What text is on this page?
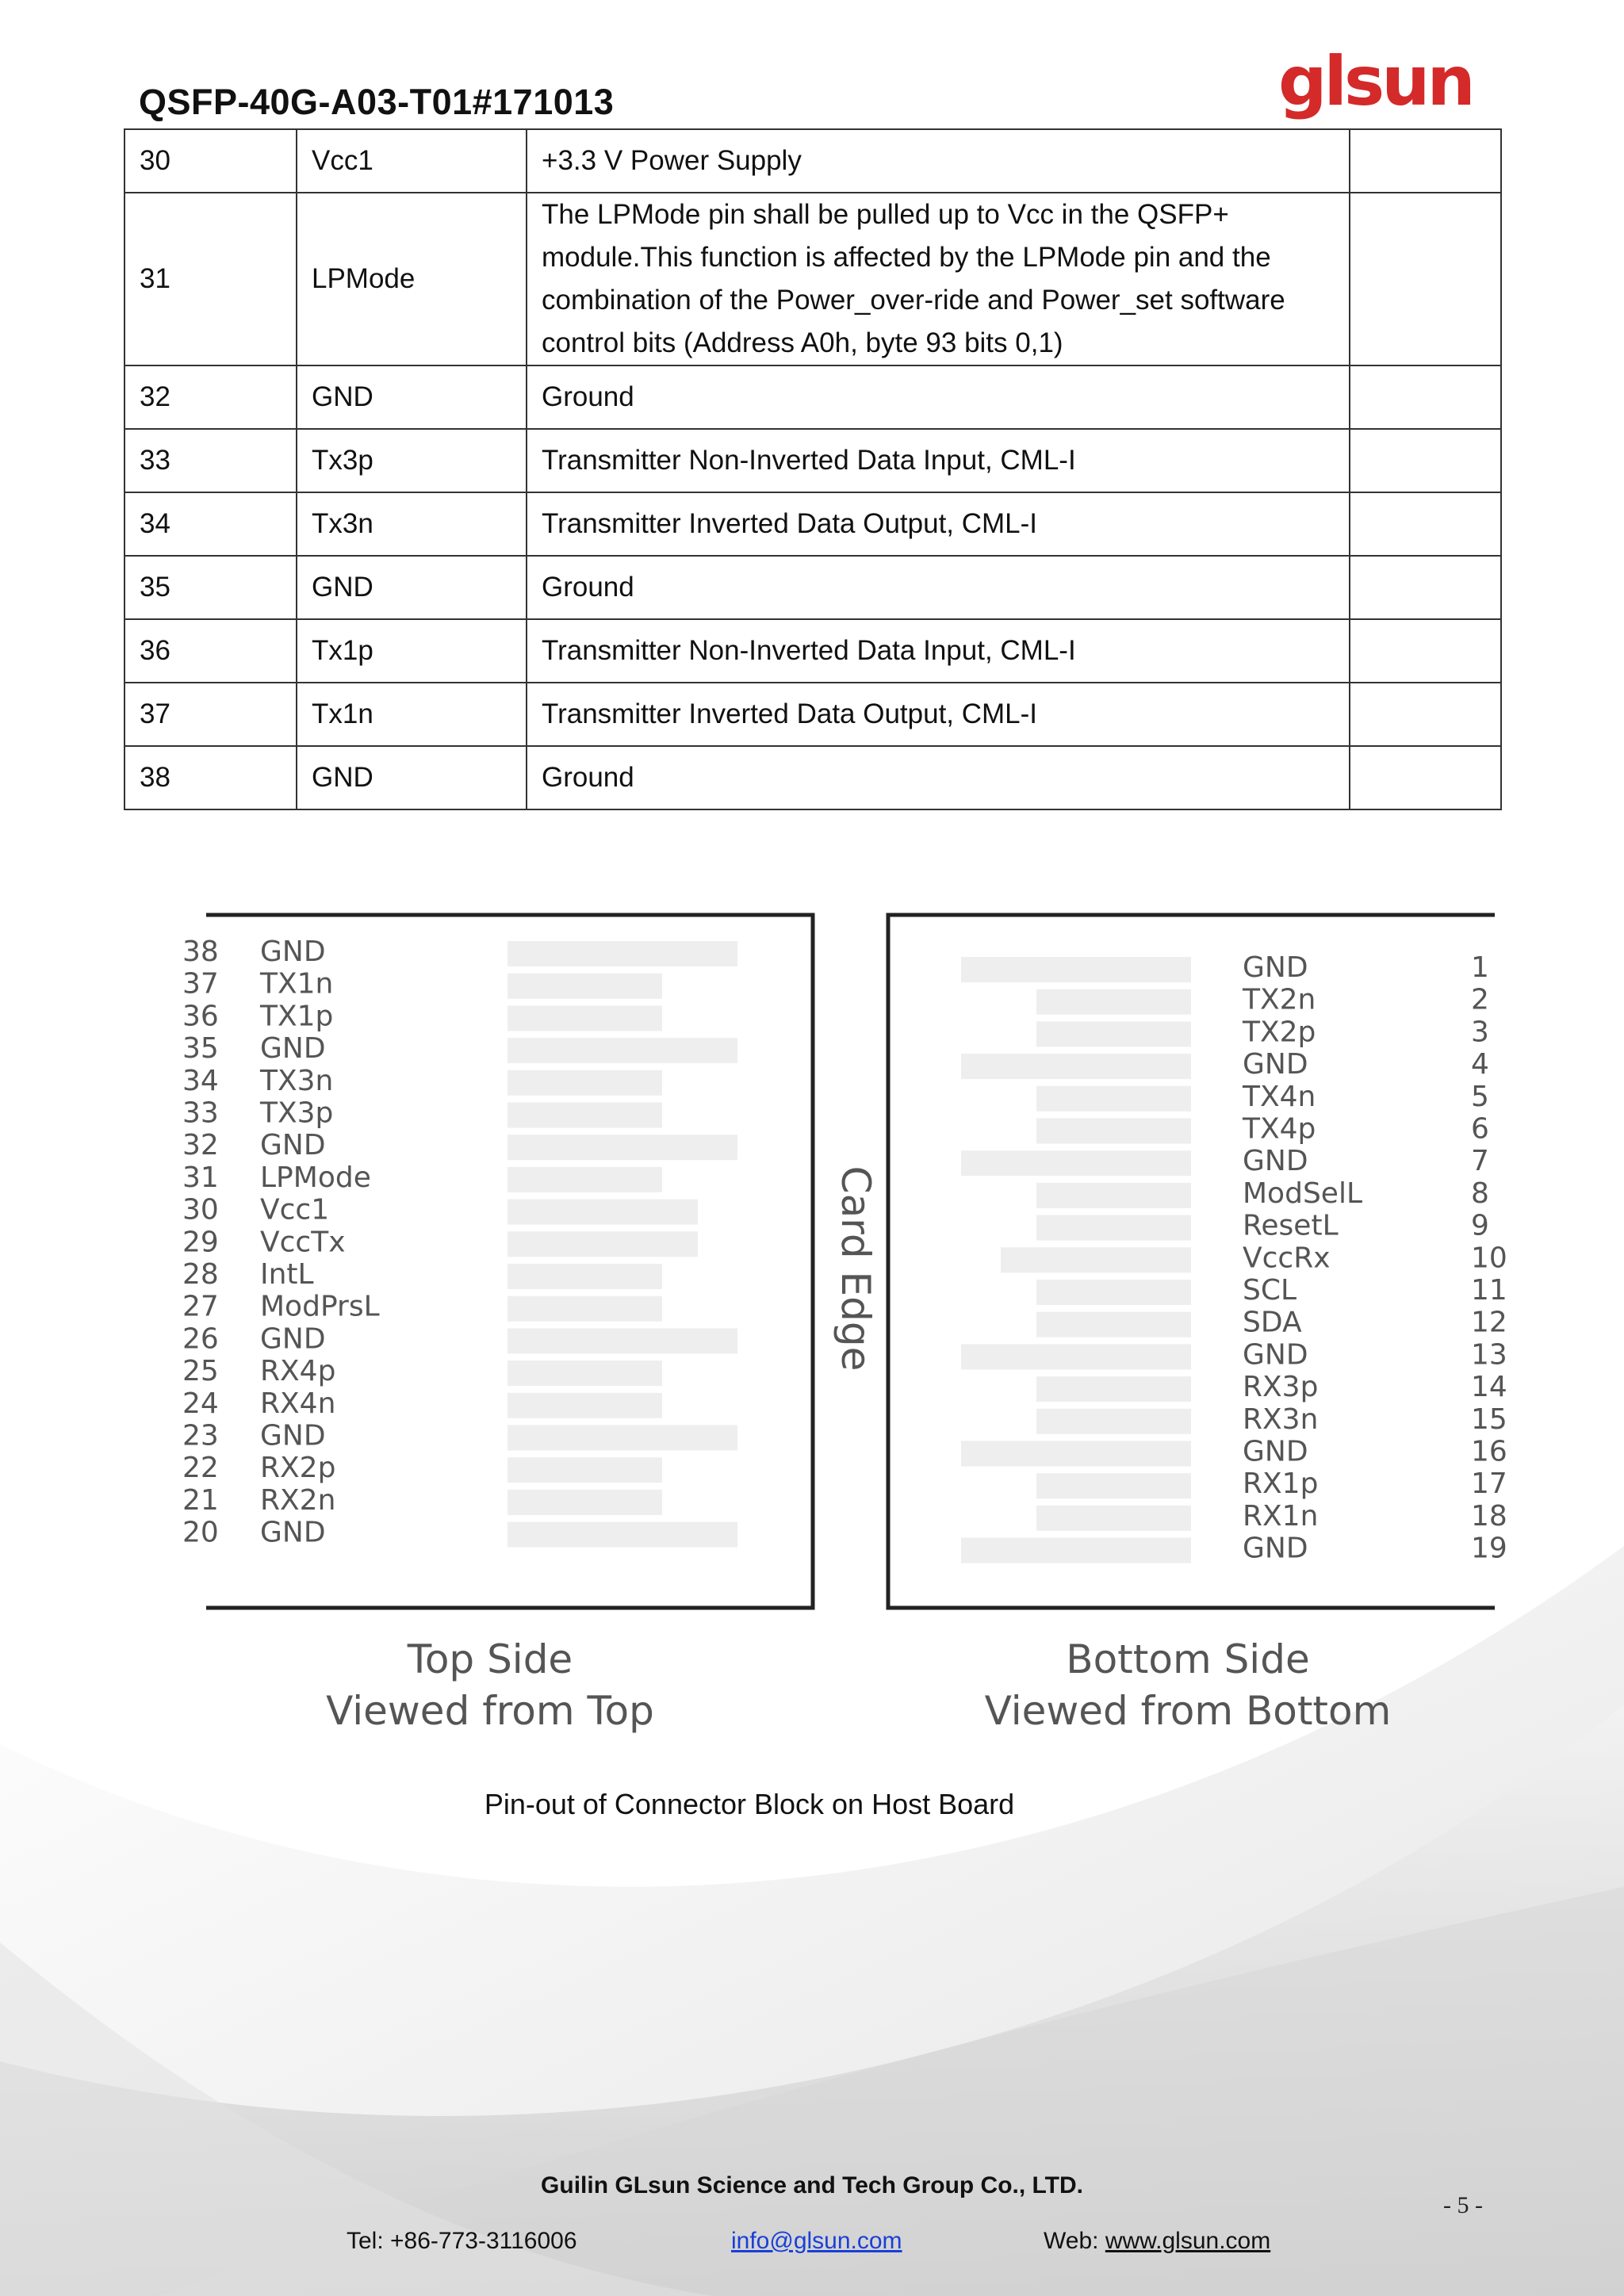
QSFP-40G-A03-T01#171013	glsun
30	Vcc1	+3.3 V Power Supply	
31	LPMode	The LPMode pin shall be pulled up to Vcc in the QSFP+ module.This function is affected by the LPMode pin and the combination of the Power_over-ride and Power_set software control bits (Address A0h, byte 93 bits 0,1)	
32	GND	Ground	
33	Tx3p	Transmitter Non-Inverted Data Input, CML-I	
34	Tx3n	Transmitter Inverted Data Output, CML-I	
35	GND	Ground	
36	Tx1p	Transmitter Non-Inverted Data Input, CML-I	
37	Tx1n	Transmitter Inverted Data Output, CML-I	
38	GND	Ground	
Card Edge
38 GND
37 TX1n
36 TX1p
35 GND
34 TX3n
33 TX3p
32 GND
31 LPMode
30 Vcc1
29 VccTx
28 IntL
27 ModPrsL
26 GND
25 RX4p
24 RX4n
23 GND
22 RX2p
21 RX2n
20 GND
GND	1
TX2n	2
TX2p	3
GND	4
TX4n	5
TX4p	6
GND	7
ModSelL	8
ResetL	9
VccRx	10
SCL	11
SDA	12
GND	13
RX3p	14
RX3n	15
GND	16
RX1p	17
RX1n	18
GND	19
Top Side
Viewed from Top
Bottom Side
Viewed from Bottom
Pin-out of Connector Block on Host Board
Guilin GLsun Science and Tech Group Co., LTD.
- 5 -
Tel: +86-773-3116006	info@glsun.com	Web: www.glsun.com
